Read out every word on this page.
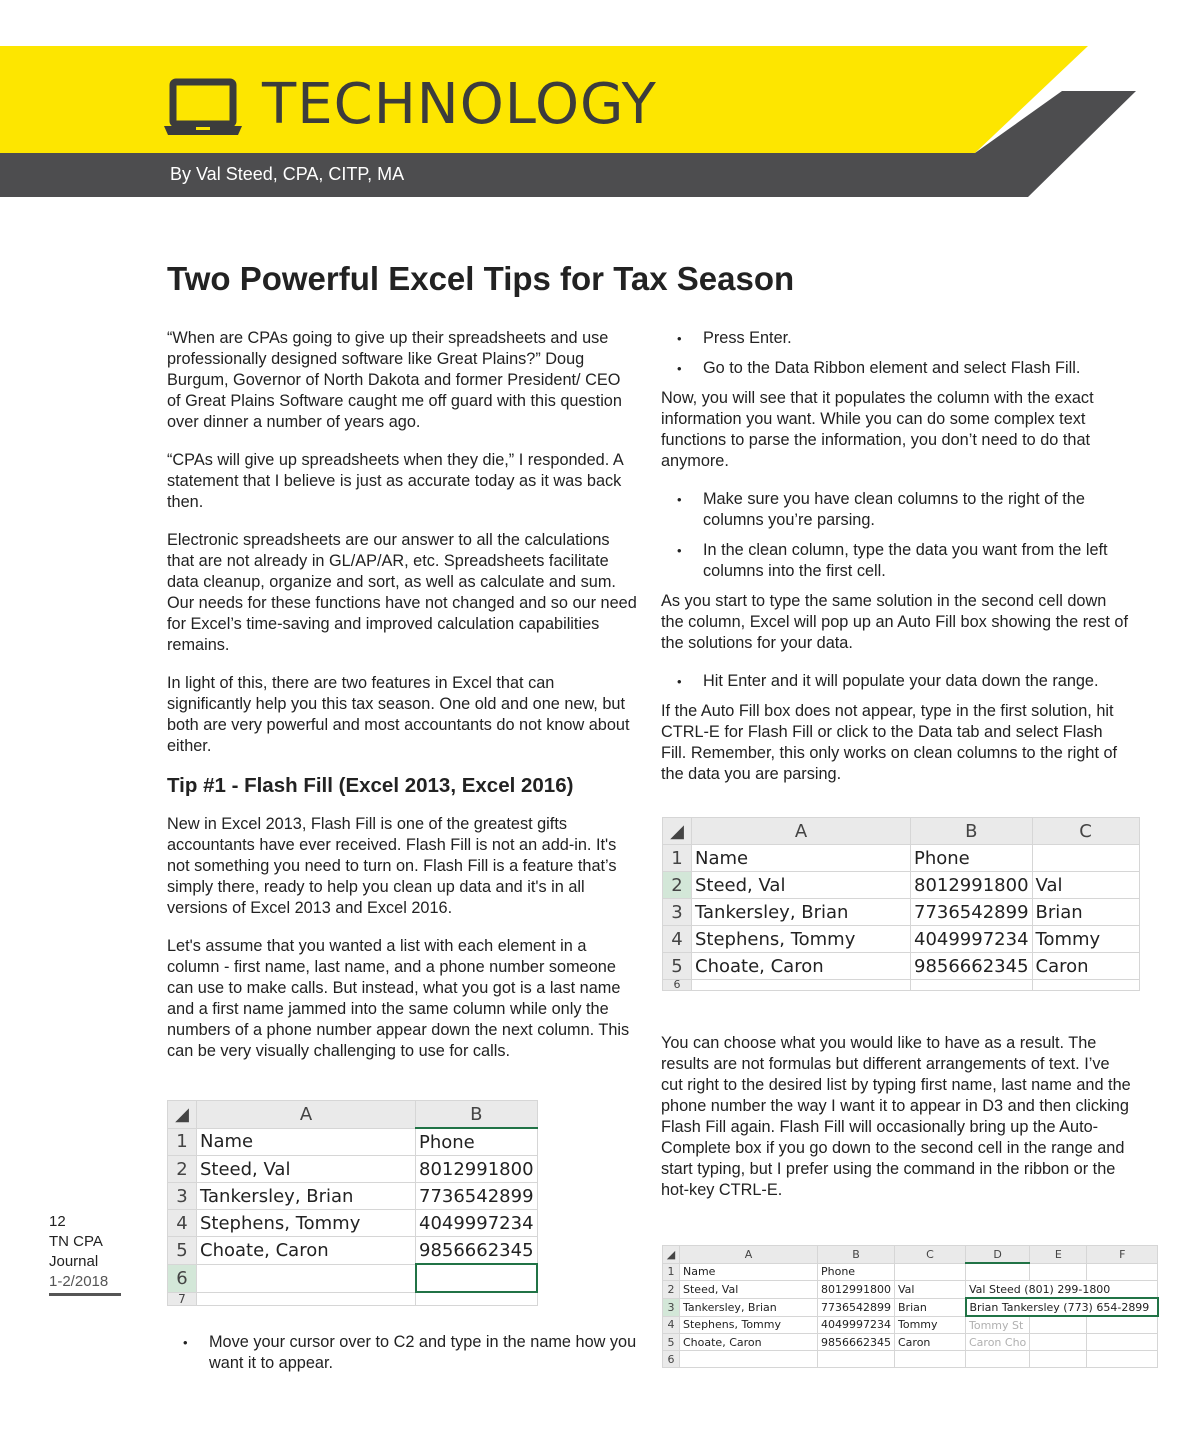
TECHNOLOGY
By Val Steed, CPA, CITP, MA
Two Powerful Excel Tips for Tax Season

“When are CPAs going to give up their spreadsheets and use professionally designed software like Great Plains?” Doug Burgum, Governor of North Dakota and former President/ CEO of Great Plains Software caught me off guard with this question over dinner a number of years ago.

“CPAs will give up spreadsheets when they die,” I responded. A statement that I believe is just as accurate today as it was back then.

Electronic spreadsheets are our answer to all the calculations that are not already in GL/AP/AR, etc. Spreadsheets facilitate data cleanup, organize and sort, as well as calculate and sum. Our needs for these functions have not changed and so our need for Excel’s time-saving and improved calculation capabilities remains.

In light of this, there are two features in Excel that can significantly help you this tax season. One old and one new, but both are very powerful and most accountants do not know about either.

Tip #1 - Flash Fill (Excel 2013, Excel 2016)

New in Excel 2013, Flash Fill is one of the greatest gifts accountants have ever received. Flash Fill is not an add-in. It's not something you need to turn on. Flash Fill is a feature that’s simply there, ready to help you clean up data and it's in all versions of Excel 2013 and Excel 2016.

Let's assume that you wanted a list with each element in a column - first name, last name, and a phone number someone can use to make calls. But instead, what you got is a last name and a first name jammed into the same column while only the numbers of a phone number appear down the next column. This can be very visually challenging to use for calls.

◢	A	B
1	Name	Phone
2	Steed, Val	8012991800
3	Tankersley, Brian	7736542899
4	Stephens, Tommy	4049997234
5	Choate, Caron	9856662345
6		
7		
• Move your cursor over to C2 and type in the name how you want it to appear.
• Press Enter.
• Go to the Data Ribbon element and select Flash Fill.

Now, you will see that it populates the column with the exact information you want. While you can do some complex text functions to parse the information, you don’t need to do that anymore.

• Make sure you have clean columns to the right of the columns you’re parsing.
• In the clean column, type the data you want from the left columns into the first cell.

As you start to type the same solution in the second cell down the column, Excel will pop up an Auto Fill box showing the rest of the solutions for your data.

• Hit Enter and it will populate your data down the range.

If the Auto Fill box does not appear, type in the first solution, hit CTRL-E for Flash Fill or click to the Data tab and select Flash Fill. Remember, this only works on clean columns to the right of the data you are parsing.

◢	A	B	C
1	Name	Phone	
2	Steed, Val	8012991800	Val
3	Tankersley, Brian	7736542899	Brian
4	Stephens, Tommy	4049997234	Tommy
5	Choate, Caron	9856662345	Caron
6			

You can choose what you would like to have as a result. The results are not formulas but different arrangements of text. I’ve cut right to the desired list by typing first name, last name and the phone number the way I want it to appear in D3 and then clicking Flash Fill again. Flash Fill will occasionally bring up the Auto-Complete box if you go down to the second cell in the range and start typing, but I prefer using the command in the ribbon or the hot-key CTRL-E.

◢	A	B	C	D	E	F
1	Name	Phone				
2	Steed, Val	8012991800	Val	Val Steed (801) 299-1800		
3	Tankersley, Brian	7736542899	Brian	Brian Tankersley (773) 654-2899		
4	Stephens, Tommy	4049997234	Tommy	Tommy St		
5	Choate, Caron	9856662345	Caron	Caron Cho		
6						
12
TN CPA
Journal
1-2/2018
